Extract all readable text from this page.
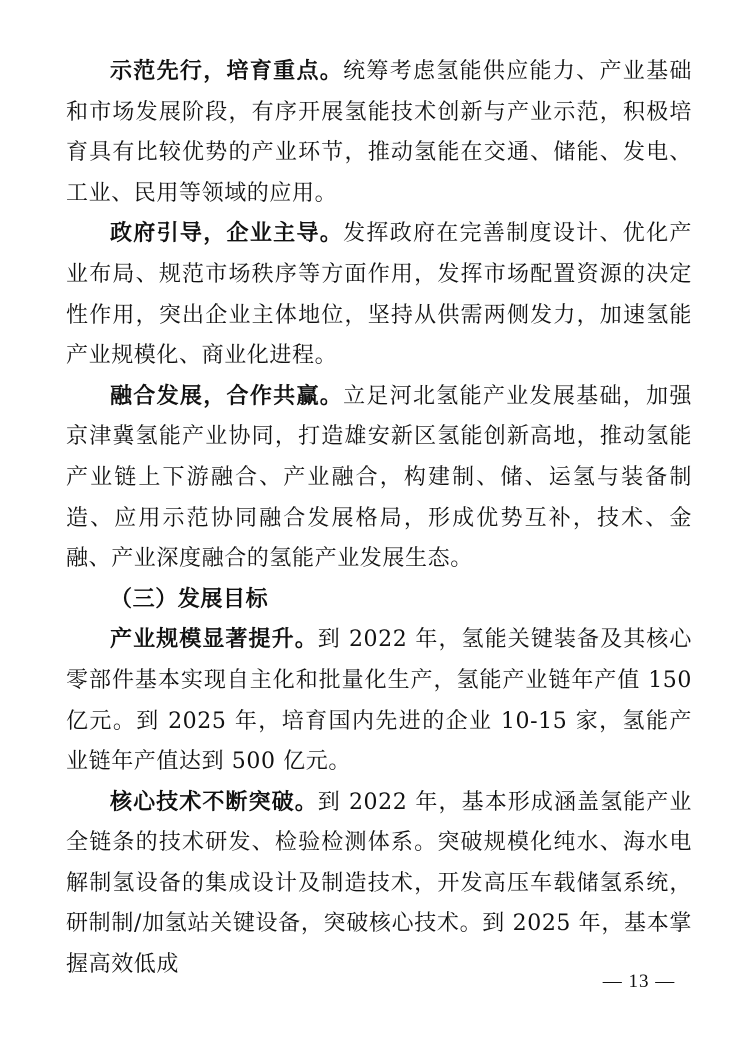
示范先行，培育重点。统筹考虑氢能供应能力、产业基础和市场发展阶段，有序开展氢能技术创新与产业示范，积极培育具有比较优势的产业环节，推动氢能在交通、储能、发电、工业、民用等领域的应用。

政府引导，企业主导。发挥政府在完善制度设计、优化产业布局、规范市场秩序等方面作用，发挥市场配置资源的决定性作用，突出企业主体地位，坚持从供需两侧发力，加速氢能产业规模化、商业化进程。

融合发展，合作共赢。立足河北氢能产业发展基础，加强京津冀氢能产业协同，打造雄安新区氢能创新高地，推动氢能产业链上下游融合、产业融合，构建制、储、运氢与装备制造、应用示范协同融合发展格局，形成优势互补，技术、金融、产业深度融合的氢能产业发展生态。

（三）发展目标

产业规模显著提升。到 2022 年，氢能关键装备及其核心零部件基本实现自主化和批量化生产，氢能产业链年产值 150 亿元。到 2025 年，培育国内先进的企业 10-15 家，氢能产业链年产值达到 500 亿元。

核心技术不断突破。到 2022 年，基本形成涵盖氢能产业全链条的技术研发、检验检测体系。突破规模化纯水、海水电解制氢设备的集成设计及制造技术，开发高压车载储氢系统，研制制/加氢站关键设备，突破核心技术。到 2025 年，基本掌握高效低成

— 13 —
